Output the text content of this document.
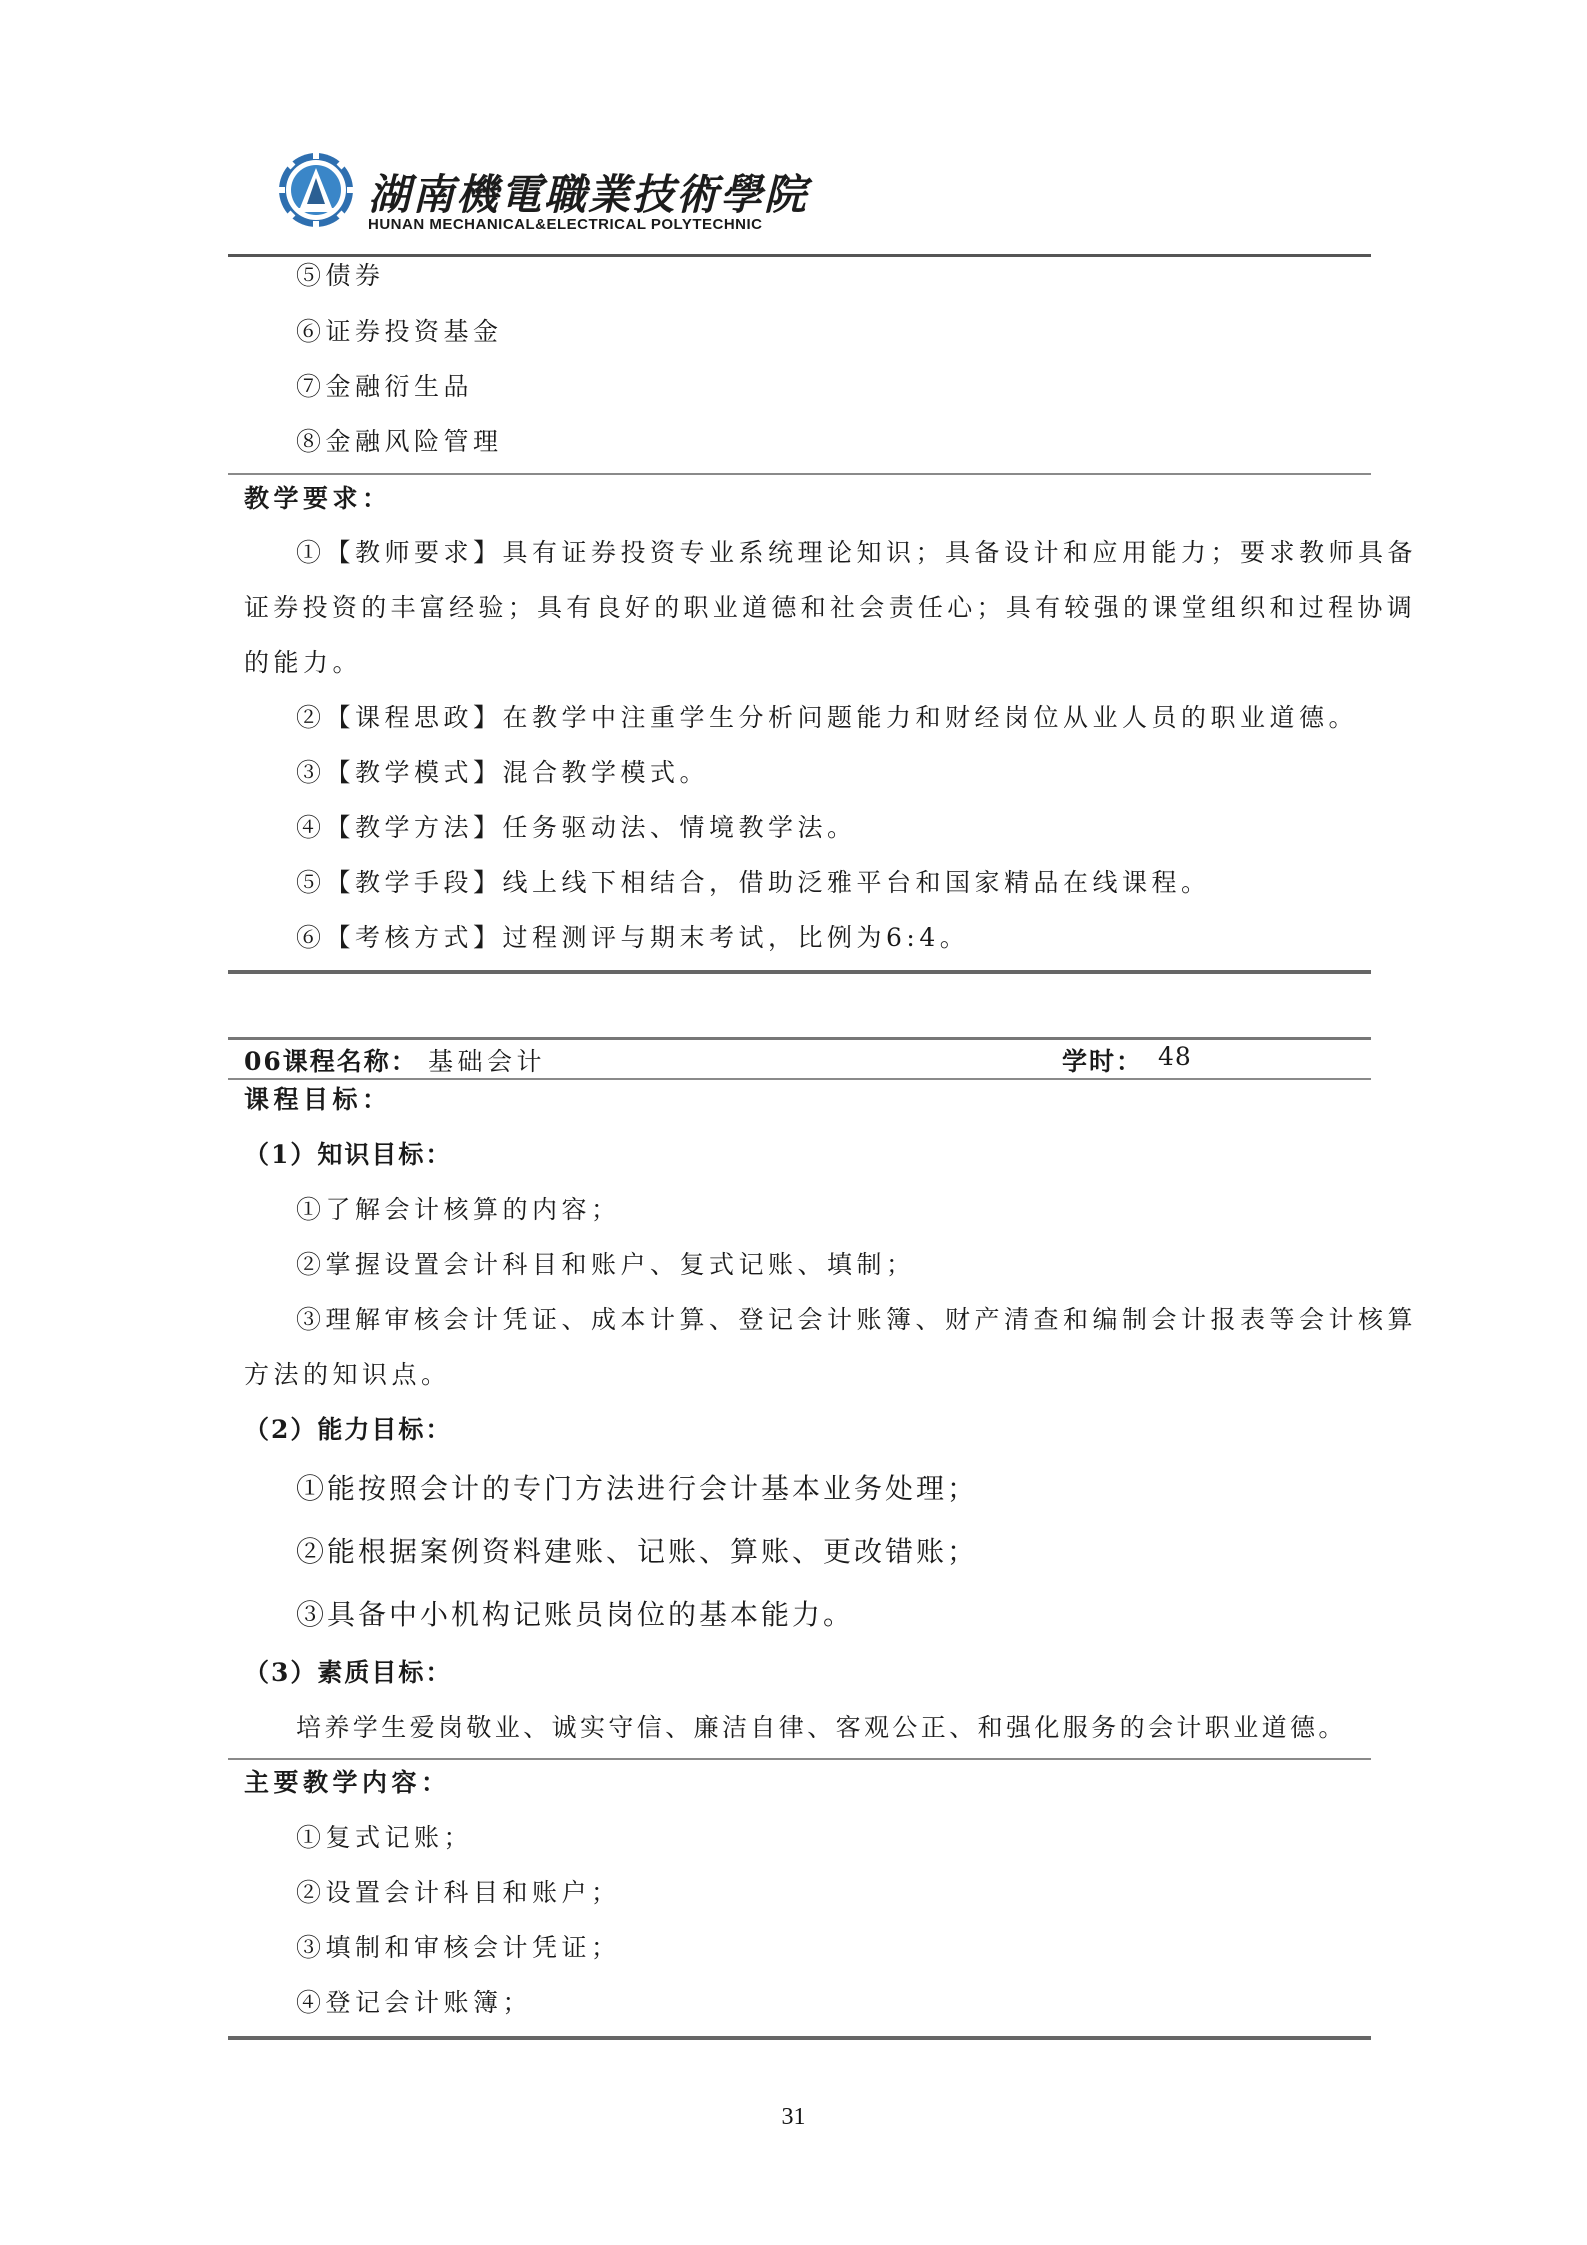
湖南機電職業技術學院
HUNAN MECHANICAL&ELECTRICAL POLYTECHNIC
⑤债券
⑥证券投资基金
⑦金融衍生品
⑧金融风险管理
教学要求：
①【教师要求】具有证券投资专业系统理论知识；具备设计和应用能力；要求教师具备
证券投资的丰富经验；具有良好的职业道德和社会责任心；具有较强的课堂组织和过程协调
的能力。
②【课程思政】在教学中注重学生分析问题能力和财经岗位从业人员的职业道德。
③【教学模式】混合教学模式。
④【教学方法】任务驱动法、情境教学法。
⑤【教学手段】线上线下相结合，借助泛雅平台和国家精品在线课程。
⑥【考核方式】过程测评与期末考试，比例为6:4。
06课程名称： 基础会计	学时： 48
课程目标：
（1）知识目标：
①了解会计核算的内容；
②掌握设置会计科目和账户、复式记账、填制；
③理解审核会计凭证、成本计算、登记会计账簿、财产清查和编制会计报表等会计核算
方法的知识点。
（2）能力目标：
①能按照会计的专门方法进行会计基本业务处理；
②能根据案例资料建账、记账、算账、更改错账；
③具备中小机构记账员岗位的基本能力。
（3）素质目标：
培养学生爱岗敬业、诚实守信、廉洁自律、客观公正、和强化服务的会计职业道德。
主要教学内容：
①复式记账；
②设置会计科目和账户；
③填制和审核会计凭证；
④登记会计账簿；
31
